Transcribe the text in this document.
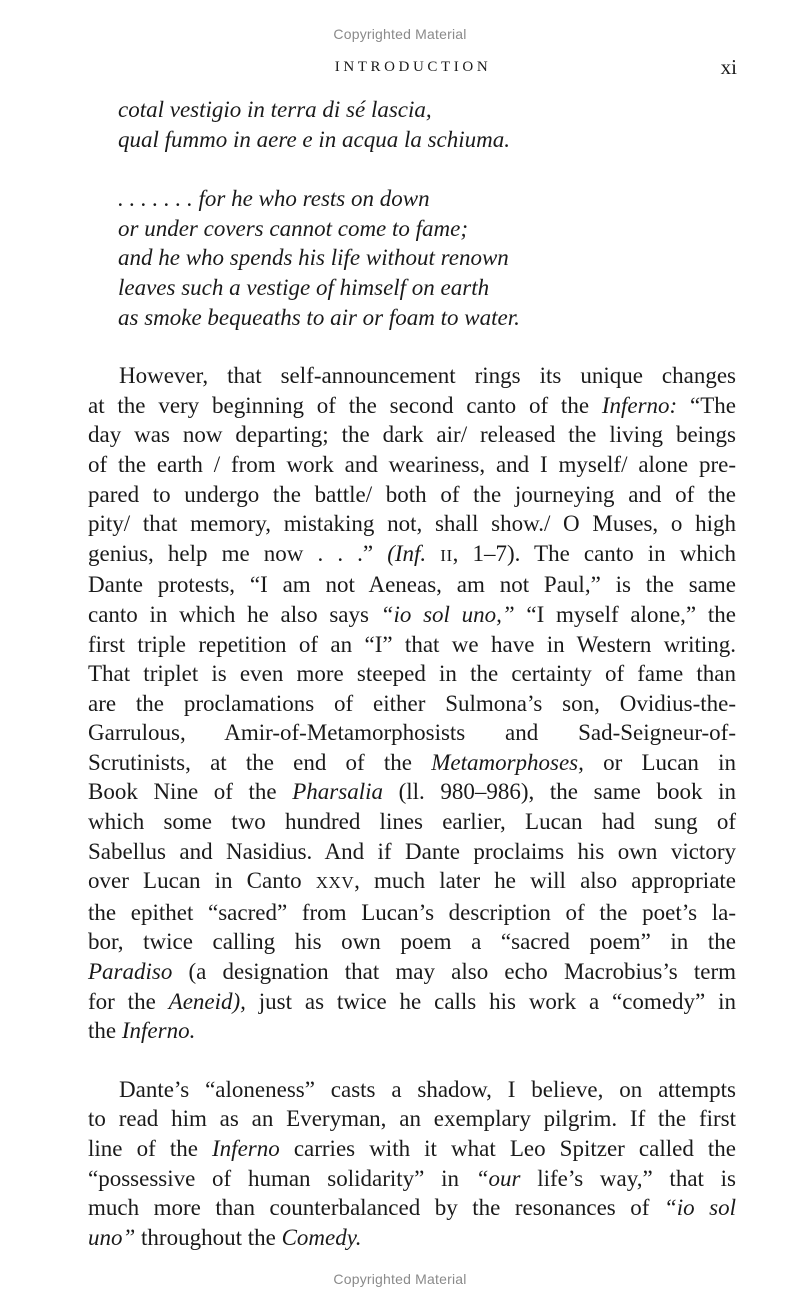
Copyrighted Material
INTRODUCTION	xi
cotal vestigio in terra di sé lascia,
qual fummo in aere e in acqua la schiuma.
. . . . . . . for he who rests on down
or under covers cannot come to fame;
and he who spends his life without renown
leaves such a vestige of himself on earth
as smoke bequeaths to air or foam to water.
However, that self-announcement rings its unique changes
at the very beginning of the second canto of the Inferno: “The
day was now departing; the dark air/ released the living beings
of the earth / from work and weariness, and I myself/ alone pre-
pared to undergo the battle/ both of the journeying and of the
pity/ that memory, mistaking not, shall show./ O Muses, o high
genius, help me now . . .” (Inf. II, 1–7). The canto in which
Dante protests, “I am not Aeneas, am not Paul,” is the same
canto in which he also says “io sol uno,” “I myself alone,” the
first triple repetition of an “I” that we have in Western writing.
That triplet is even more steeped in the certainty of fame than
are the proclamations of either Sulmona’s son, Ovidius-the-
Garrulous, Amir-of-Metamorphosists and Sad-Seigneur-of-
Scrutinists, at the end of the Metamorphoses, or Lucan in
Book Nine of the Pharsalia (ll. 980–986), the same book in
which some two hundred lines earlier, Lucan had sung of
Sabellus and Nasidius. And if Dante proclaims his own victory
over Lucan in Canto XXV, much later he will also appropriate
the epithet “sacred” from Lucan’s description of the poet’s la-
bor, twice calling his own poem a “sacred poem” in the
Paradiso (a designation that may also echo Macrobius’s term
for the Aeneid), just as twice he calls his work a “comedy” in
the Inferno.
Dante’s “aloneness” casts a shadow, I believe, on attempts
to read him as an Everyman, an exemplary pilgrim. If the first
line of the Inferno carries with it what Leo Spitzer called the
“possessive of human solidarity” in “our life’s way,” that is
much more than counterbalanced by the resonances of “io sol
uno” throughout the Comedy.
Copyrighted Material
